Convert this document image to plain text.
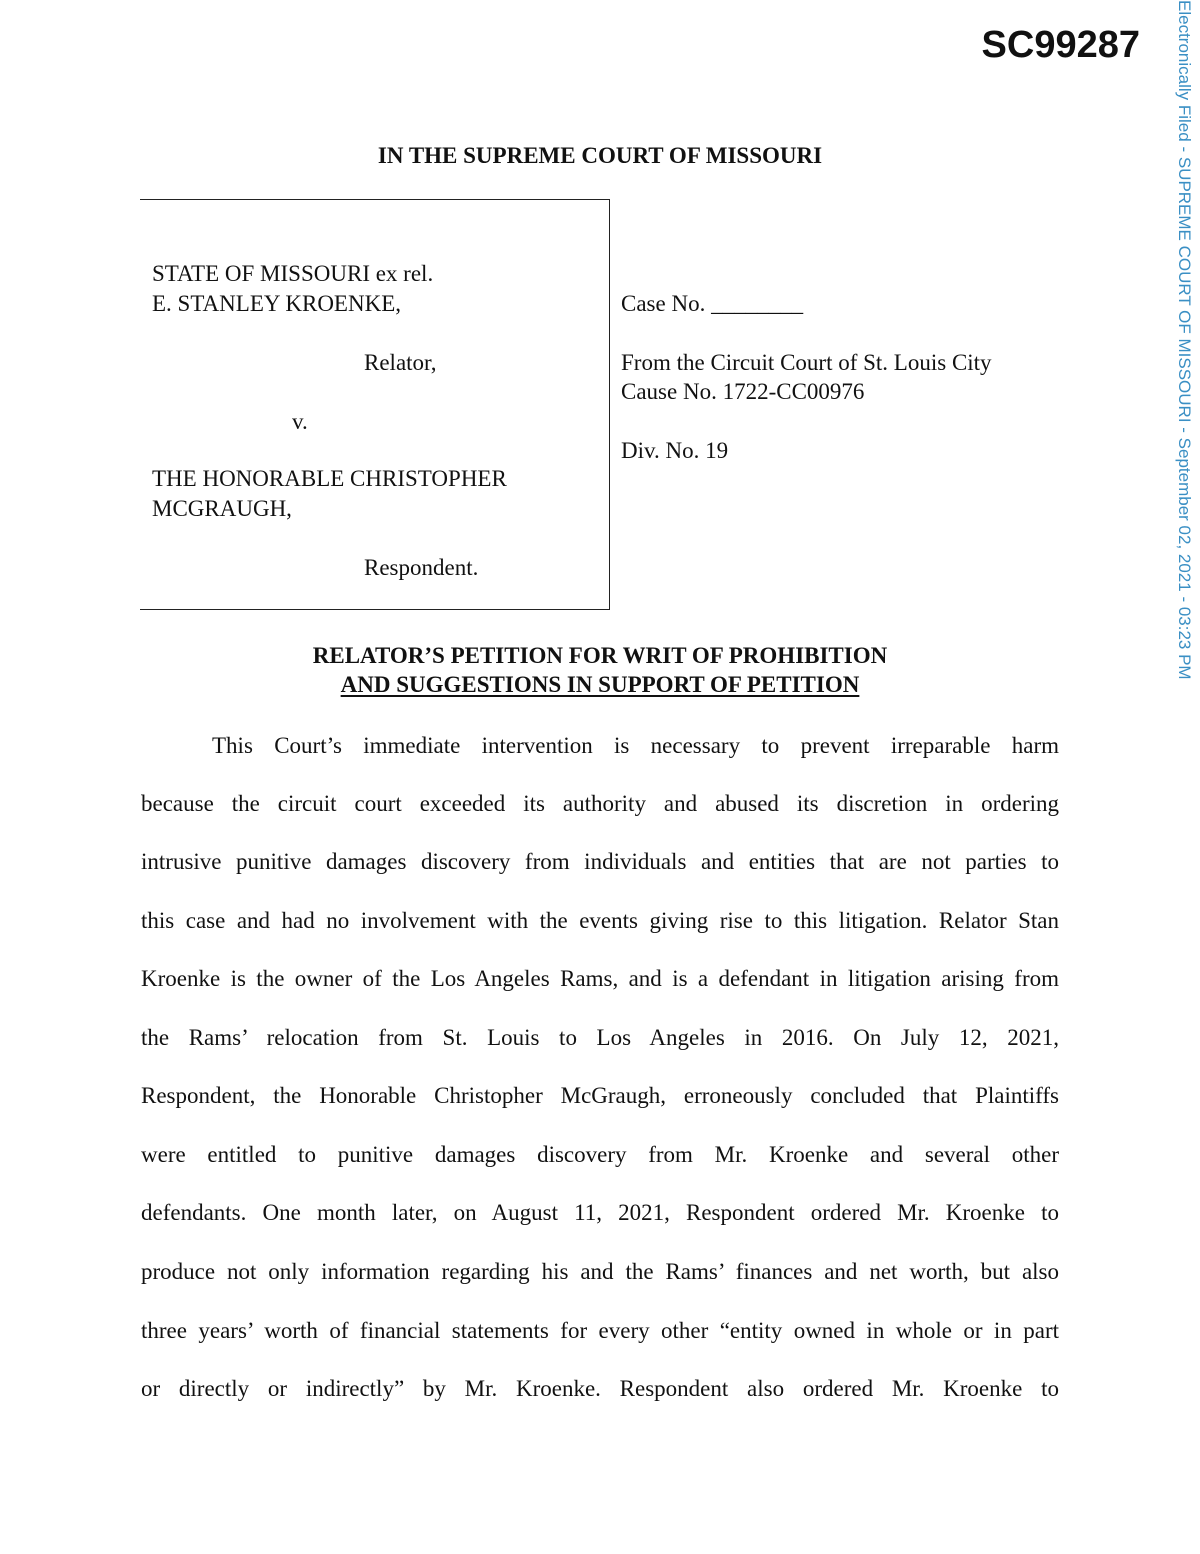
SC99287 Electronically Filed - SUPREME COURT OF MISSOURI - September 02, 2021 - 03:23 PM
IN THE SUPREME COURT OF MISSOURI
STATE OF MISSOURI ex rel.
E. STANLEY KROENKE,
Relator,
v.
THE HONORABLE CHRISTOPHER
MCGRAUGH,
Respondent.
Case No. ________
From the Circuit Court of St. Louis City
Cause No. 1722-CC00976
Div. No. 19
RELATOR’S PETITION FOR WRIT OF PROHIBITION
AND SUGGESTIONS IN SUPPORT OF PETITION
This Court’s immediate intervention is necessary to prevent irreparable harm
because the circuit court exceeded its authority and abused its discretion in ordering
intrusive punitive damages discovery from individuals and entities that are not parties to
this case and had no involvement with the events giving rise to this litigation. Relator Stan
Kroenke is the owner of the Los Angeles Rams, and is a defendant in litigation arising from
the Rams’ relocation from St. Louis to Los Angeles in 2016. On July 12, 2021,
Respondent, the Honorable Christopher McGraugh, erroneously concluded that Plaintiffs
were entitled to punitive damages discovery from Mr. Kroenke and several other
defendants. One month later, on August 11, 2021, Respondent ordered Mr. Kroenke to
produce not only information regarding his and the Rams’ finances and net worth, but also
three years’ worth of financial statements for every other “entity owned in whole or in part
or directly or indirectly” by Mr. Kroenke. Respondent also ordered Mr. Kroenke to
